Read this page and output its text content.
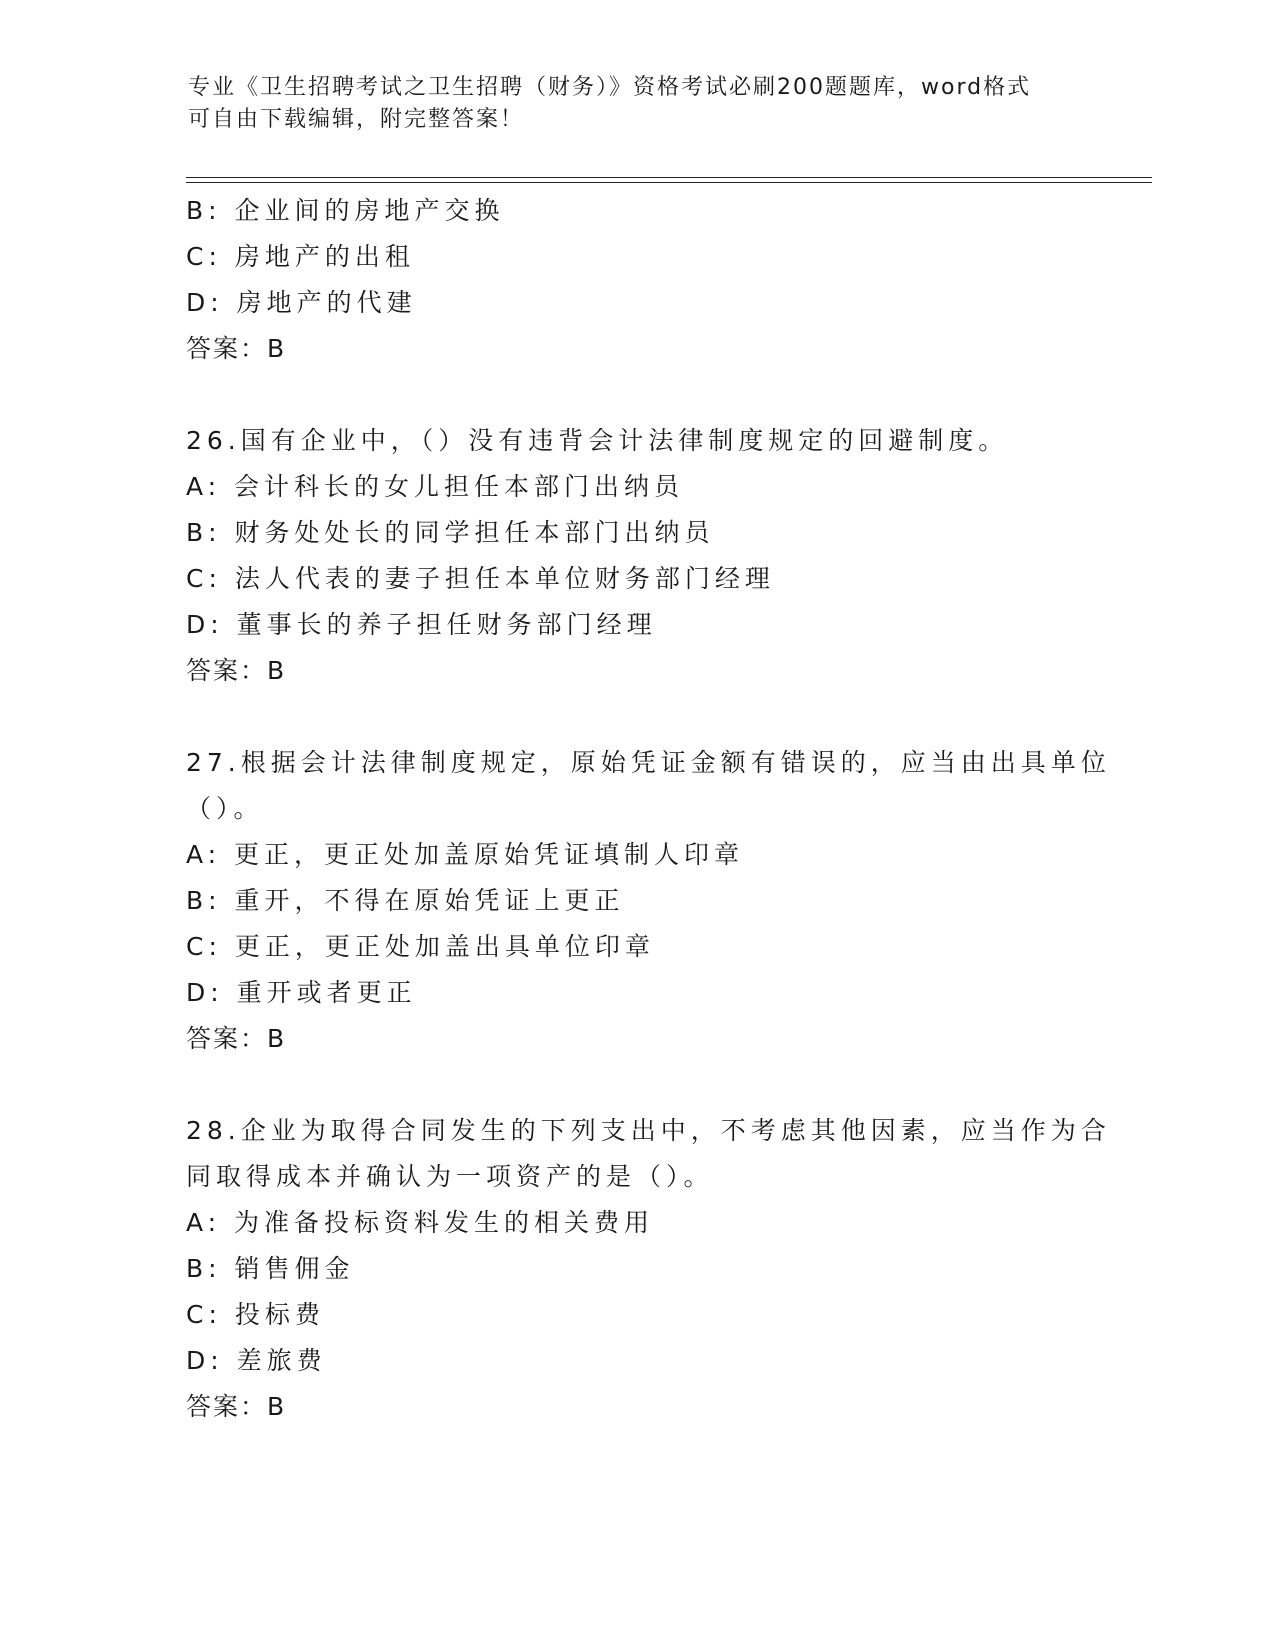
专业《卫生招聘考试之卫生招聘（财务）》资格考试必刷200题题库，word格式
可自由下载编辑，附完整答案！
B: 企业间的房地产交换
C: 房地产的出租
D: 房地产的代建
答案：B
26.国有企业中，（）没有违背会计法律制度规定的回避制度。
A: 会计科长的女儿担任本部门出纳员
B: 财务处处长的同学担任本部门出纳员
C: 法人代表的妻子担任本单位财务部门经理
D: 董事长的养子担任财务部门经理
答案：B
27.根据会计法律制度规定，原始凭证金额有错误的，应当由出具单位
（）。
A: 更正，更正处加盖原始凭证填制人印章
B: 重开，不得在原始凭证上更正
C: 更正，更正处加盖出具单位印章
D: 重开或者更正
答案：B
28.企业为取得合同发生的下列支出中，不考虑其他因素，应当作为合
同取得成本并确认为一项资产的是（）。
A: 为准备投标资料发生的相关费用
B: 销售佣金
C: 投标费
D: 差旅费
答案：B
